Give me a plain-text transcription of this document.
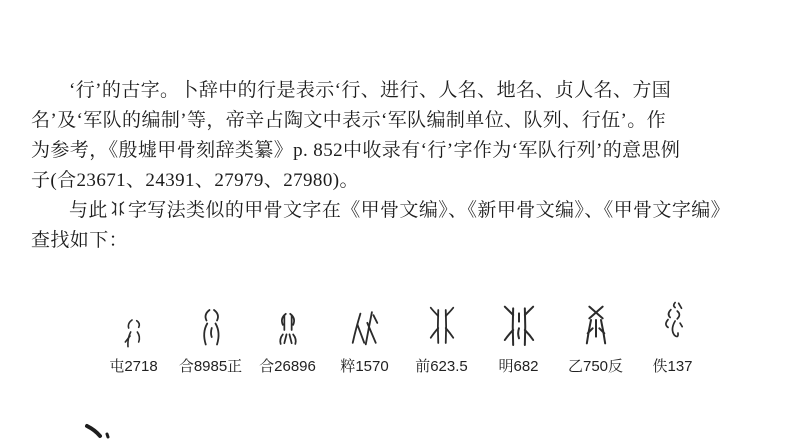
‘行’的古字。卜辞中的行是表示‘行、进行、人名、地名、贞人名、方国
名’及‘军队的编制’等，帝辛占陶文中表示‘军队编制单位、队列、行伍’。作
为参考，《殷墟甲骨刻辞类纂》p. 852中收录有‘行’字作为‘军队行列’的意思例
子(合23671、24391、27979、27980)。
与此 字写法类似的甲骨文字在《甲骨文编》、《新甲骨文编》、《甲骨文字编》
查找如下：
屯2718 合8985正 合26896 粹1570 前623.5 明682 乙750反 佚137
